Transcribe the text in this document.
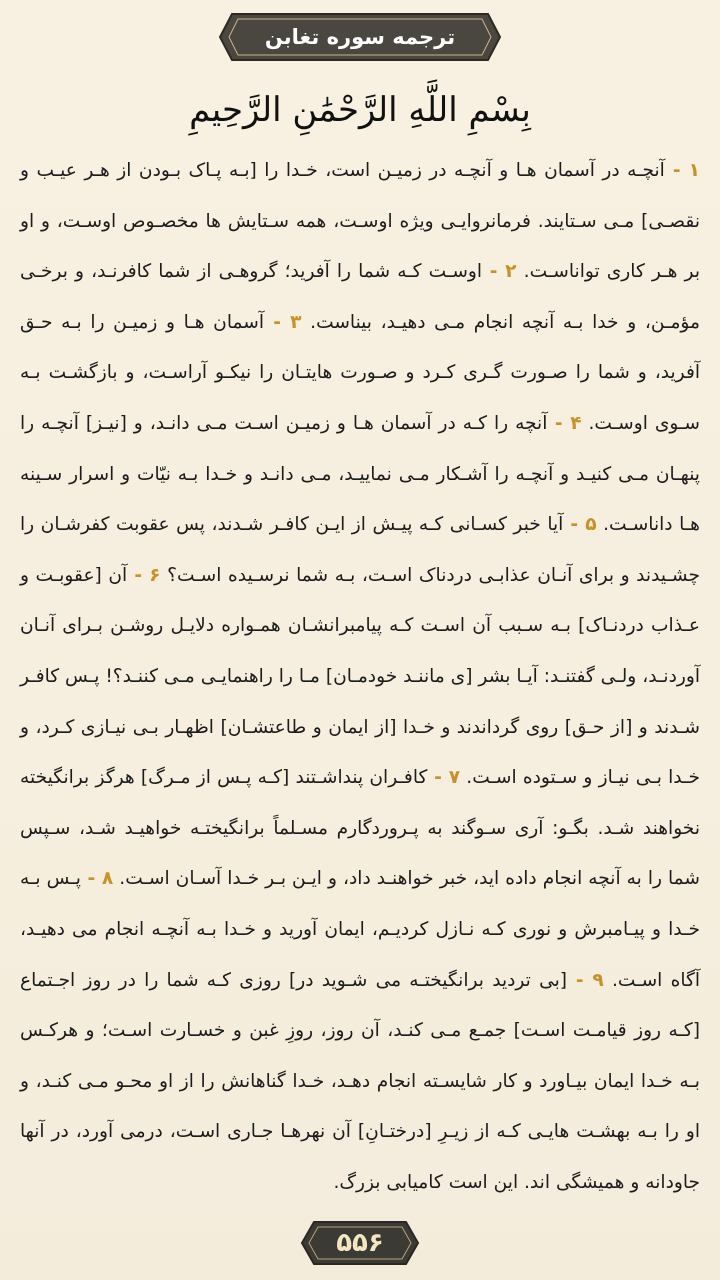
ترجمه سوره تغابن
بِسْمِ اللَّهِ الرَّحْمَٰنِ الرَّحِيمِ
۱ - آنچـه در آسمان هـا و آنچـه در زمیـن است، خـدا را [بـه پـاک بـودن از هـر عیـب و نقصـی] مـی سـتایند. فرمانروایـی ویژه اوسـت، همه سـتایش ها مخصـوص اوسـت، و او بر هـر کاری تواناسـت. ۲ - اوسـت کـه شما را آفرید؛ گروهـی از شما کافرنـد، و برخـی مؤمـن، و خدا بـه آنچه انجام مـی دهیـد، بیناست. ۳ - آسمان هـا و زمیـن را بـه حـق آفرید، و شما را صـورت گـری کـرد و صـورت هایتـان را نیکـو آراسـت، و بازگشـت بـه سـوی اوسـت. ۴ - آنچه را کـه در آسمان هـا و زمیـن اسـت مـی دانـد، و [نیـز] آنچـه را پنهـان مـی کنیـد و آنچـه را آشـکار مـی نماییـد، مـی دانـد و خـدا بـه نیّات و اسرار سـینه هـا داناسـت. ۵ - آیا خبر کسـانی کـه پیـش از ایـن کافـر شـدند، پس عقوبت کفرشـان را چشـیدند و برای آنـان عذابـی دردناک اسـت، بـه شما نرسـیده اسـت؟ ۶ - آن [عقوبـت و عـذاب دردنـاک] بـه سـبب آن اسـت کـه پیامبرانشـان همـواره دلایـل روشـن بـرای آنـان آوردنـد، ولـی گفتنـد: آیـا بشر [ی ماننـد خودمـان] مـا را راهنمایـی مـی کننـد؟! پـس کافـر شـدند و [از حـق] روی گرداندند و خـدا [از ایمان و طاعتشـان] اظهـار بـی نیـازی کـرد، و خـدا بـی نیـاز و سـتوده اسـت. ۷ - کافـران پنداشـتند [کـه پـس از مـرگ] هرگز برانگیخته نخواهند شـد. بگـو: آری سـوگند به پـروردگارم مسـلماً برانگیختـه خواهیـد شـد، سـپس شما را به آنچه انجام داده اید، خبر خواهنـد داد، و ایـن بـر خـدا آسـان اسـت. ۸ - پـس بـه خـدا و پیـامبرش و نوری کـه نـازل کردیـم، ایمان آورید و خـدا بـه آنچـه انجام می دهیـد، آگاه اسـت. ۹ - [بی تردید برانگیختـه می شـوید در] روزی کـه شما را در روز اجـتماع [کـه روز قیامـت اسـت] جمـع مـی کنـد، آن روز، روزِ غبن و خسـارت اسـت؛ و هرکـس بـه خـدا ایمان بیـاورد و کار شایسـته انجام دهـد، خـدا گناهانش را از او محـو مـی کنـد، و او را بـه بهشـت هایـی کـه از زیـرِ [درختـانِ] آن نهرهـا جـاری اسـت، درمی آورد، در آنها جاودانه و همیشگی اند. این است کامیابی بزرگ.
۵۵۶
